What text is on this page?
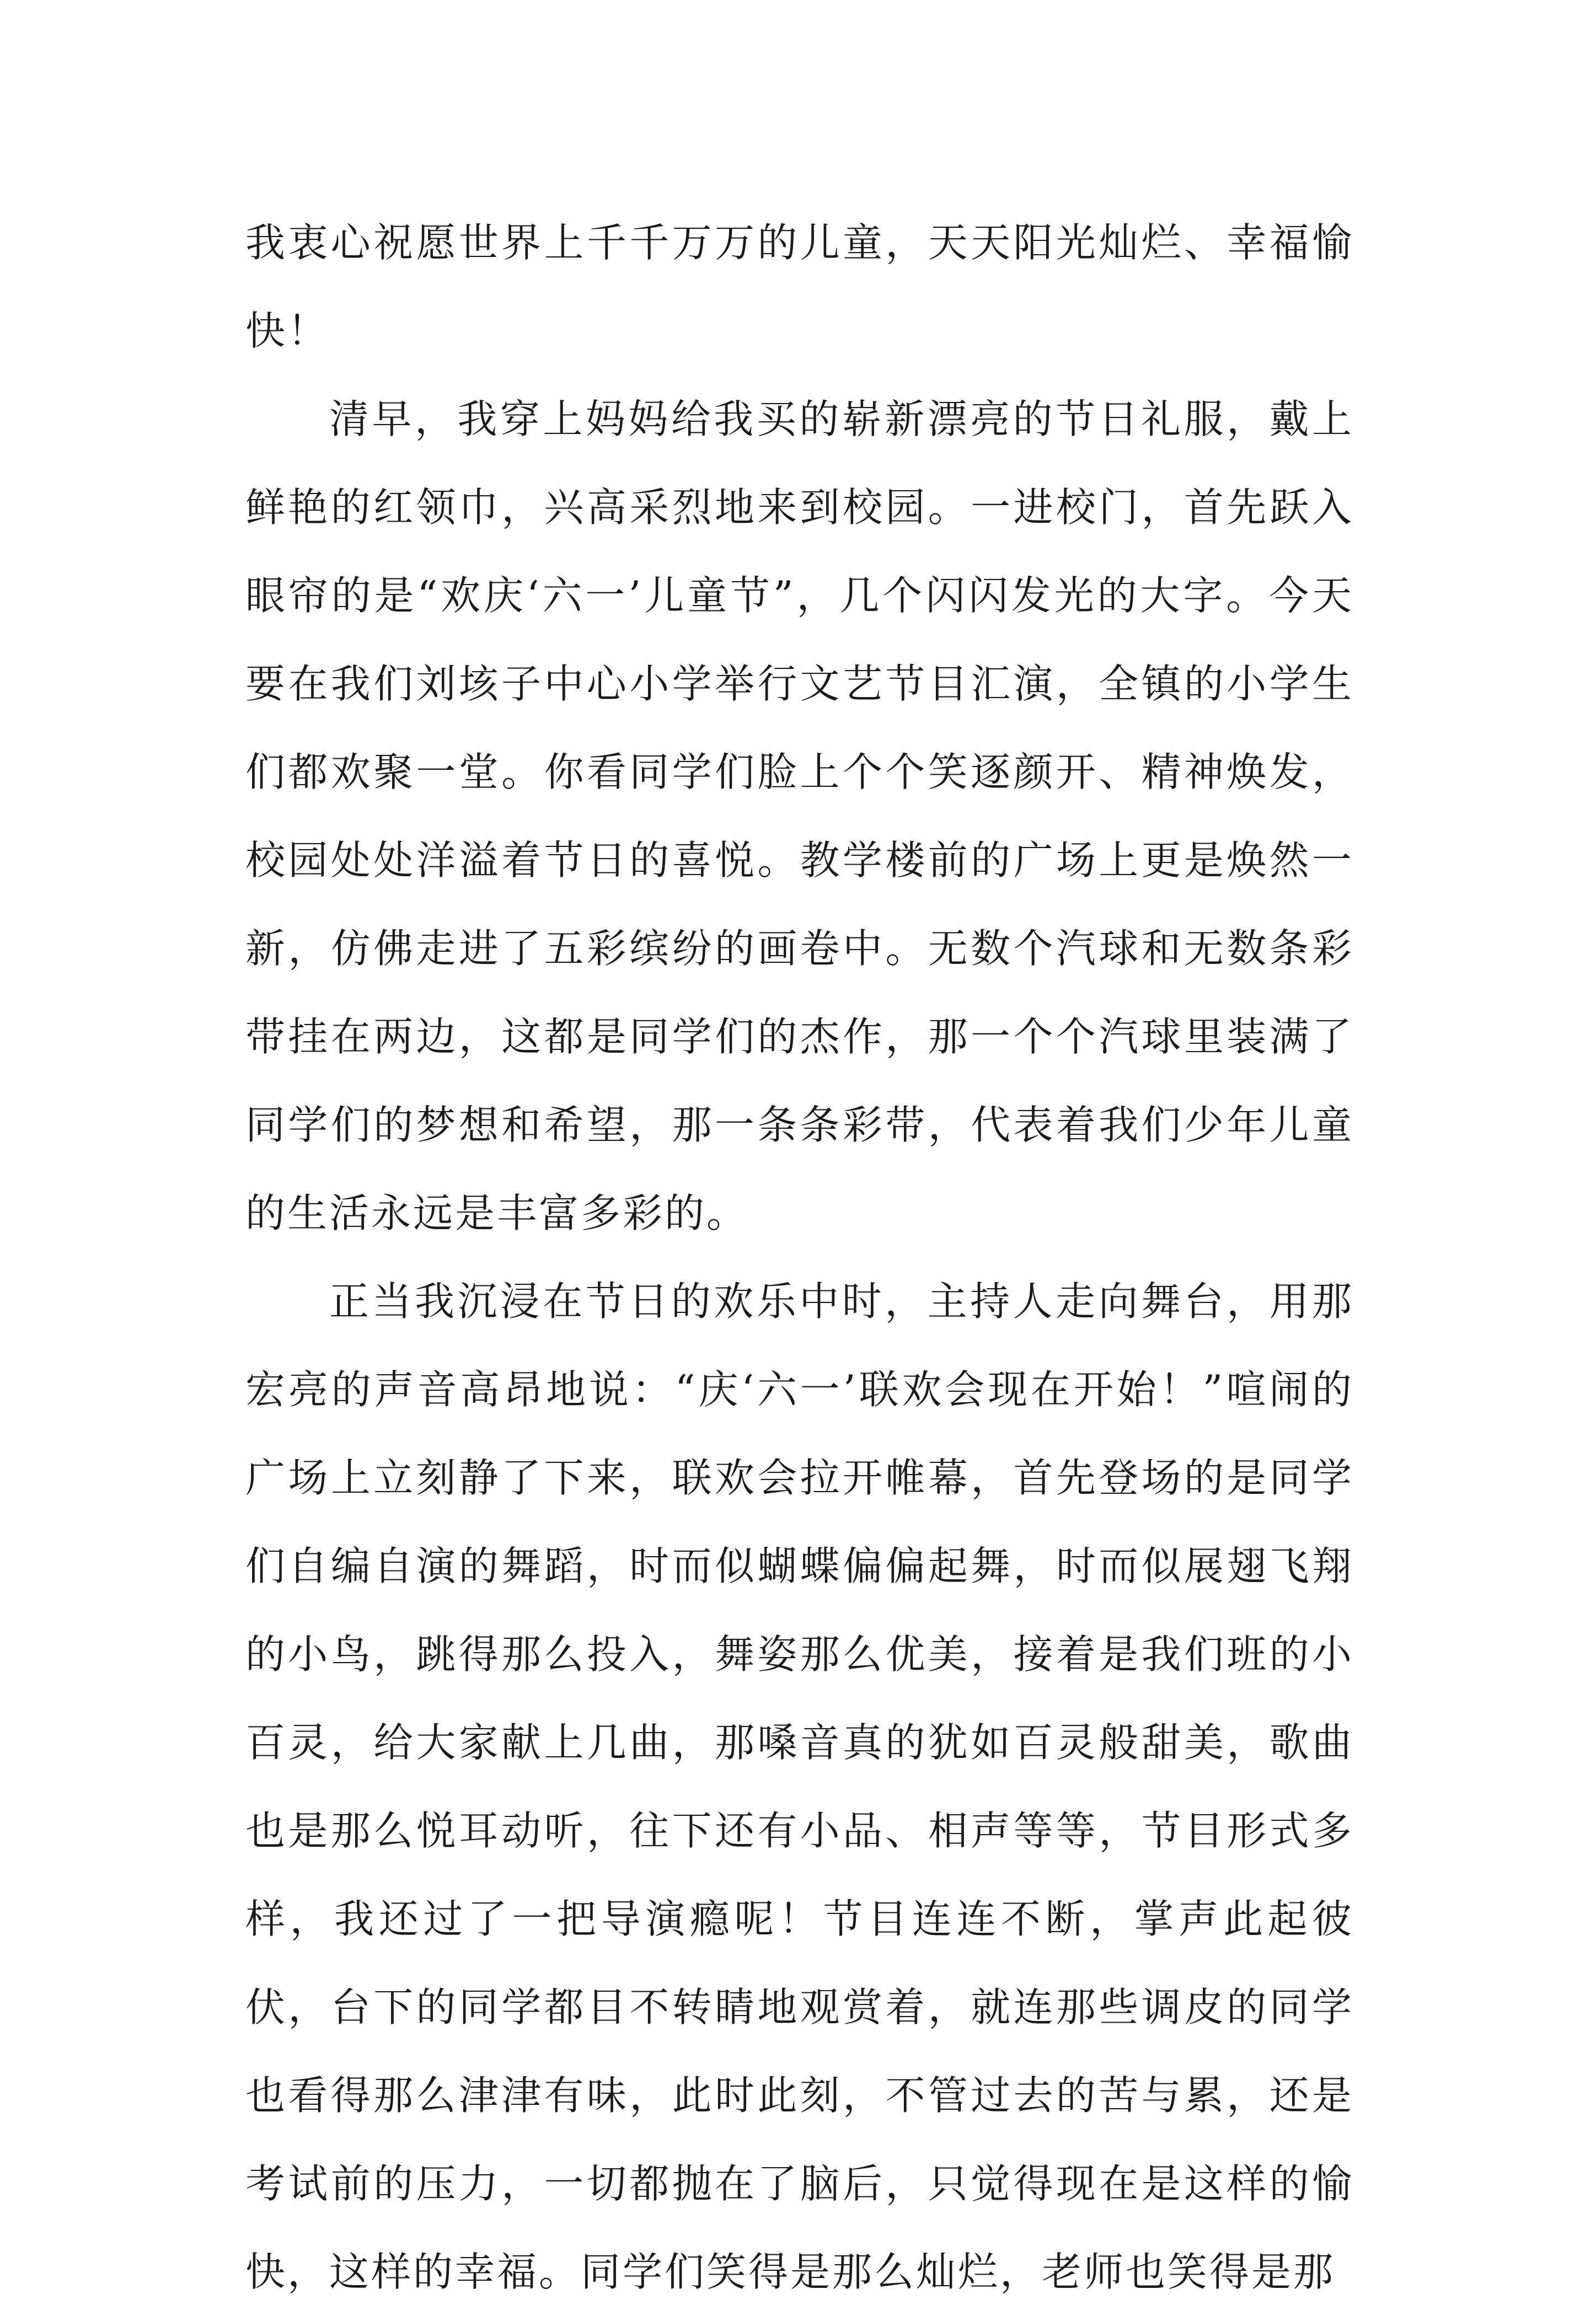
我衷心祝愿世界上千千万万的儿童，天天阳光灿烂、幸福愉快！

清早，我穿上妈妈给我买的崭新漂亮的节日礼服，戴上鲜艳的红领巾，兴高采烈地来到校园。一进校门，首先跃入眼帘的是“欢庆‘六一’儿童节”，几个闪闪发光的大字。今天要在我们刘垓子中心小学举行文艺节目汇演，全镇的小学生们都欢聚一堂。你看同学们脸上个个笑逐颜开、精神焕发，校园处处洋溢着节日的喜悦。教学楼前的广场上更是焕然一新，仿佛走进了五彩缤纷的画卷中。无数个汽球和无数条彩带挂在两边，这都是同学们的杰作，那一个个汽球里装满了同学们的梦想和希望，那一条条彩带，代表着我们少年儿童的生活永远是丰富多彩的。

正当我沉浸在节日的欢乐中时，主持人走向舞台，用那宏亮的声音高昂地说：“庆‘六一’联欢会现在开始！”喧闹的广场上立刻静了下来，联欢会拉开帷幕，首先登场的是同学们自编自演的舞蹈，时而似蝴蝶偏偏起舞，时而似展翅飞翔的小鸟，跳得那么投入，舞姿那么优美，接着是我们班的小百灵，给大家献上几曲，那嗓音真的犹如百灵般甜美，歌曲也是那么悦耳动听，往下还有小品、相声等等，节目形式多样，我还过了一把导演瘾呢！节目连连不断，掌声此起彼伏，台下的同学都目不转睛地观赏着，就连那些调皮的同学也看得那么津津有味，此时此刻，不管过去的苦与累，还是考试前的压力，一切都抛在了脑后，只觉得现在是这样的愉快，这样的幸福。同学们笑得是那么灿烂，老师也笑得是那
